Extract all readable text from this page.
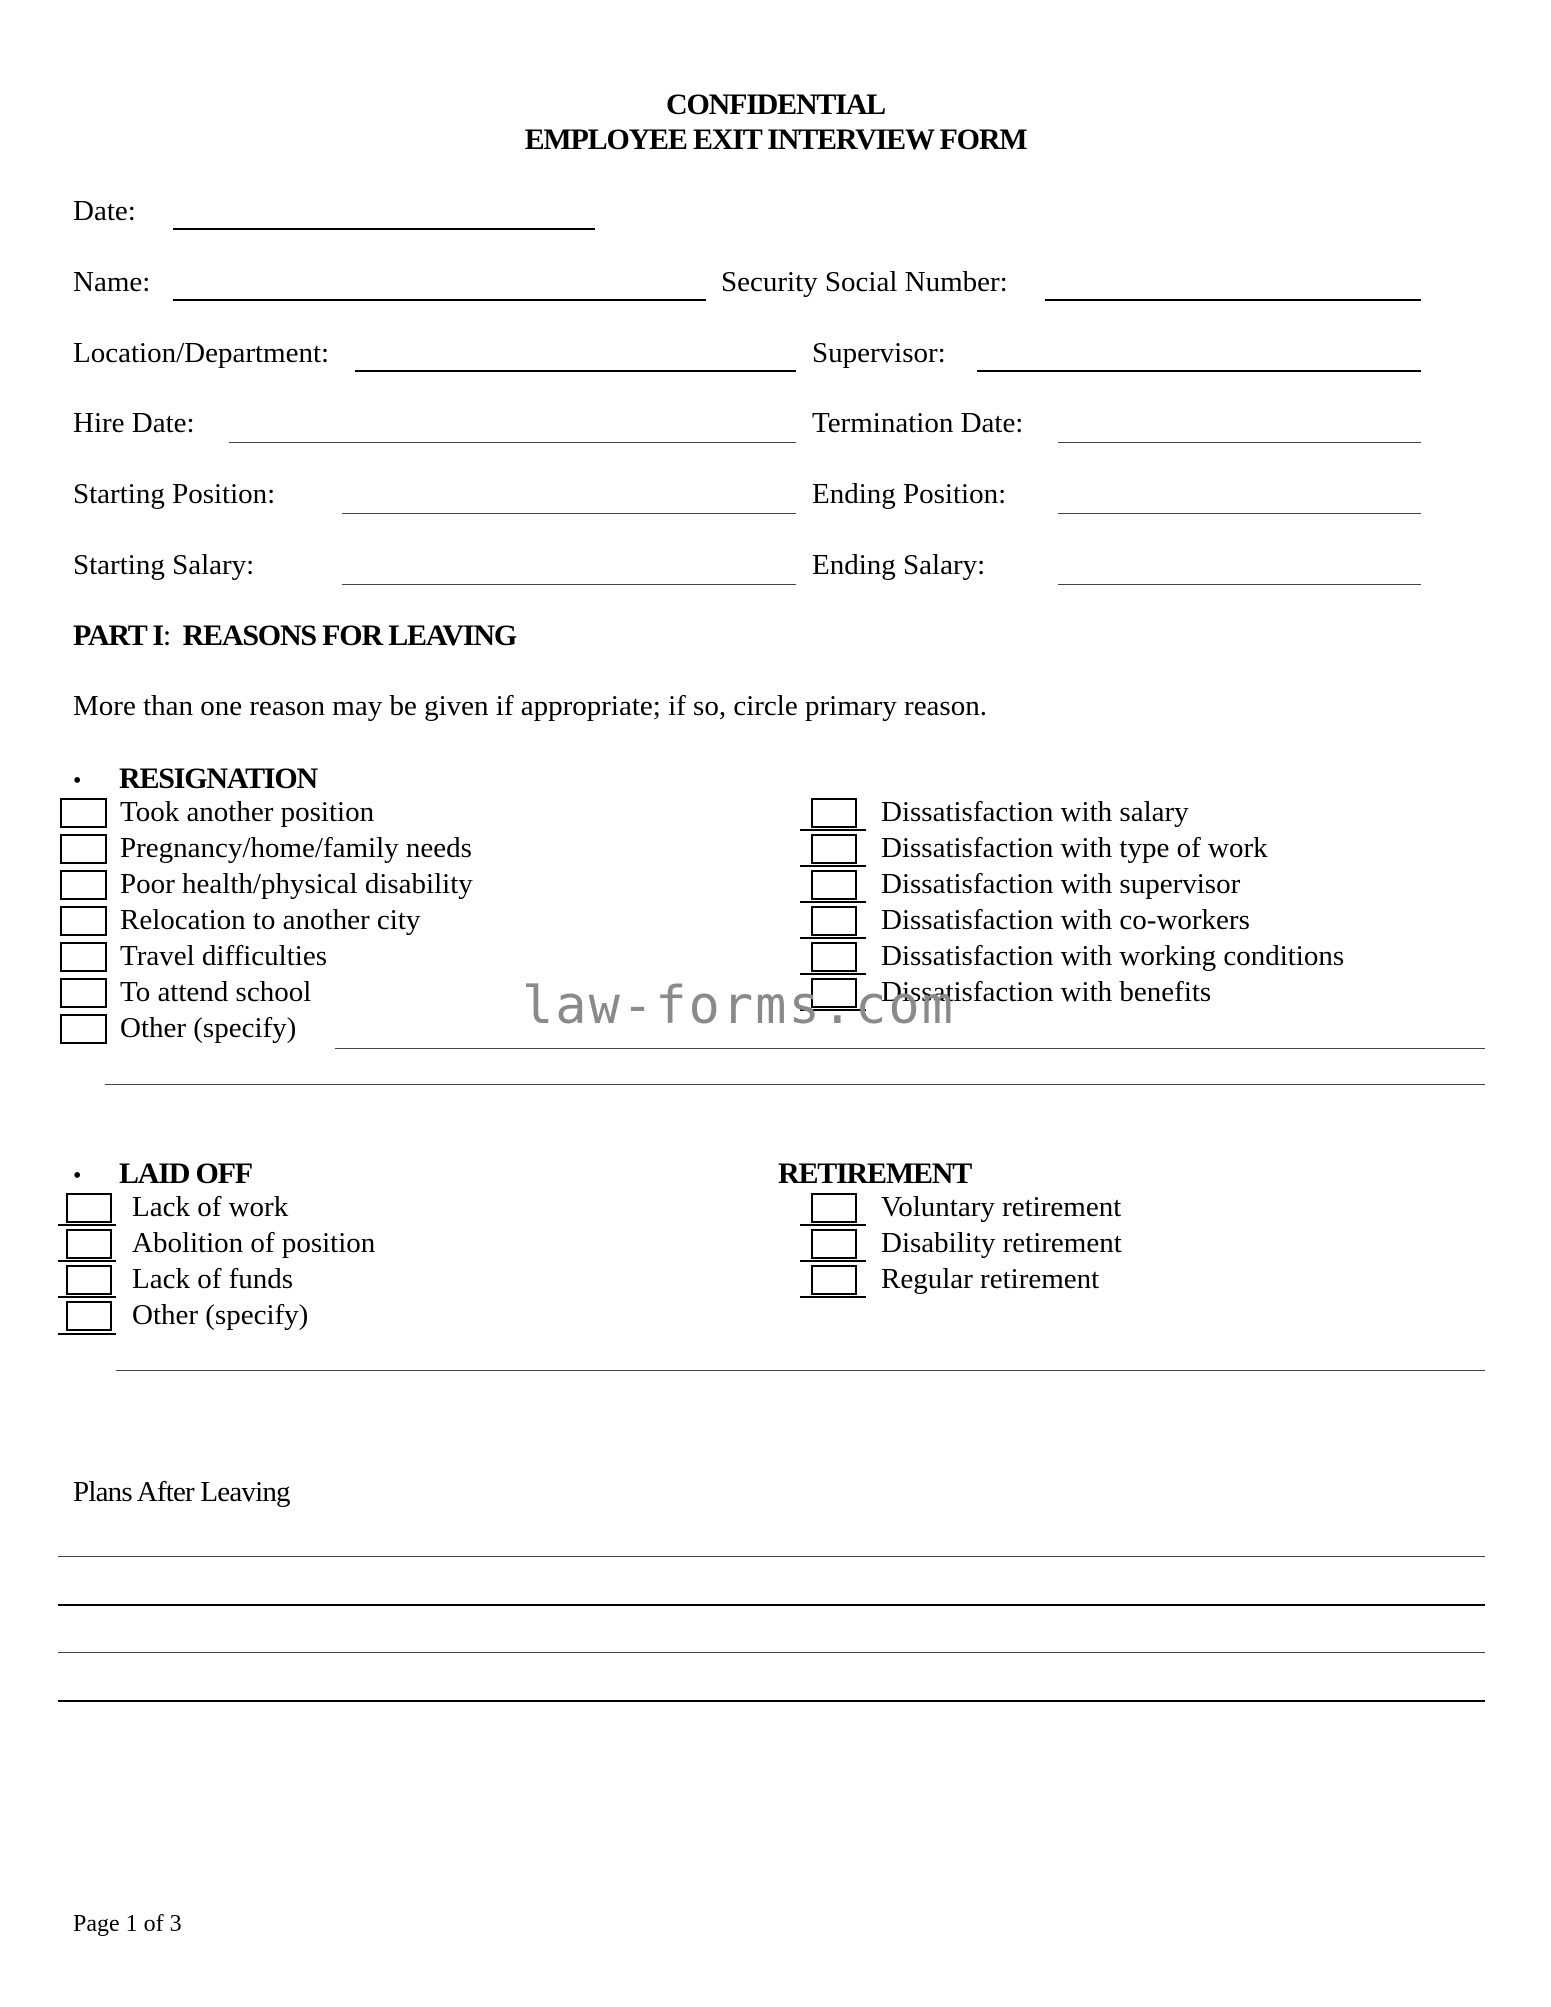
CONFIDENTIAL
EMPLOYEE EXIT INTERVIEW FORM
Date:
Name:	Security Social Number:
Location/Department:	Supervisor:
Hire Date:	Termination Date:
Starting Position:	Ending Position:
Starting Salary:	Ending Salary:
PART I: REASONS FOR LEAVING
More than one reason may be given if appropriate; if so, circle primary reason.
• RESIGNATION
Took another position
Pregnancy/home/family needs
Poor health/physical disability
Relocation to another city
Travel difficulties
To attend school
Other (specify)
Dissatisfaction with salary
Dissatisfaction with type of work
Dissatisfaction with supervisor
Dissatisfaction with co-workers
Dissatisfaction with working conditions
Dissatisfaction with benefits
law-forms.com
• LAID OFF
Lack of work
Abolition of position
Lack of funds
Other (specify)
RETIREMENT
Voluntary retirement
Disability retirement
Regular retirement
Plans After Leaving
Page 1 of 3
